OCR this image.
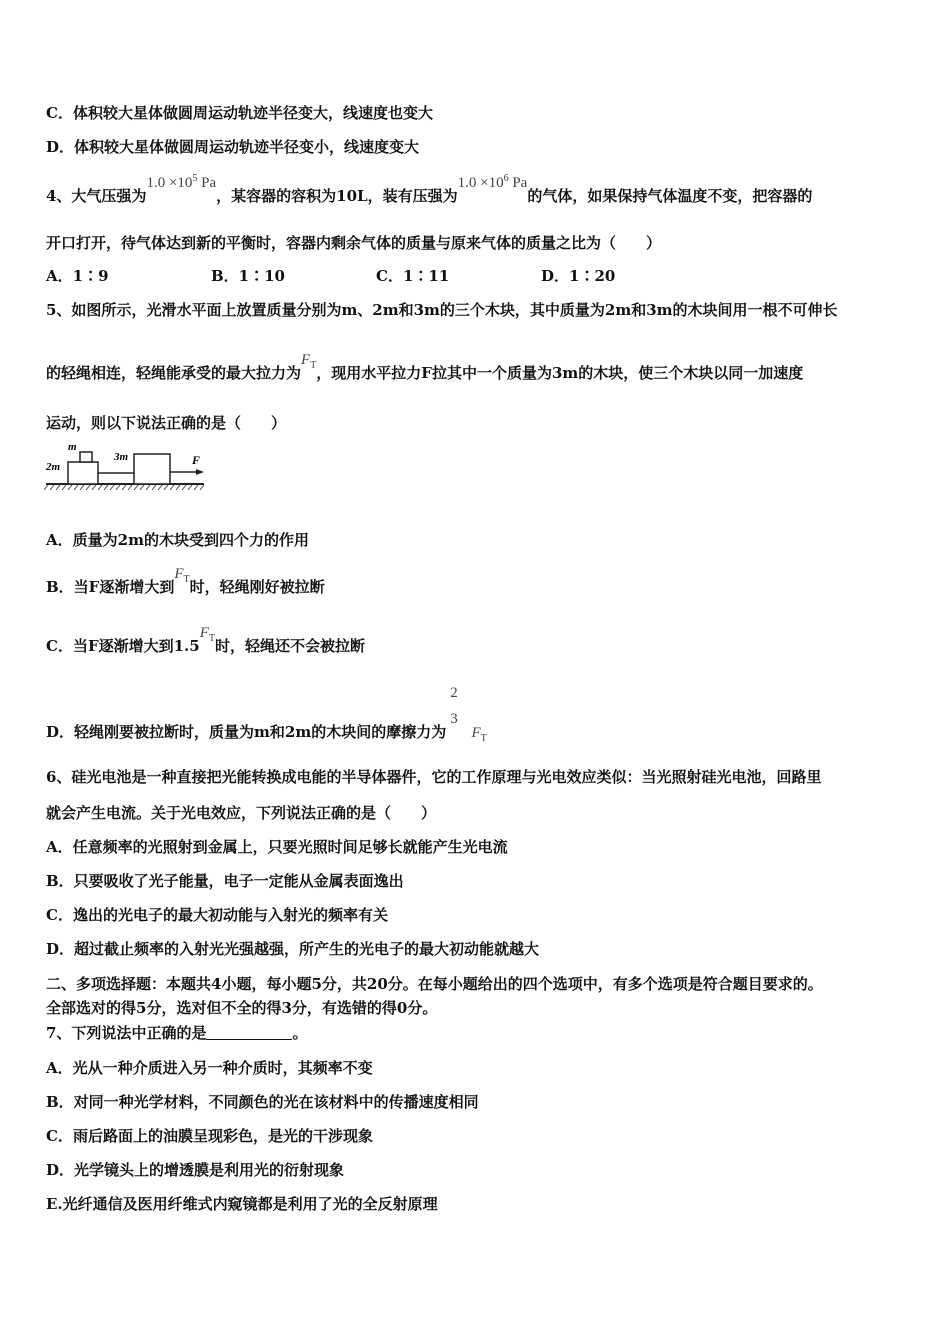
C．体积较大星体做圆周运动轨迹半径变大，线速度也变大
D．体积较大星体做圆周运动轨迹半径变小，线速度变大
4、大气压强为$1.0 \times 10^5$ Pa，某容器的容积为10L，装有压强为$1.0 \times 10^6$ Pa的气体，如果保持气体温度不变，把容器的
开口打开，待气体达到新的平衡时，容器内剩余气体的质量与原来气体的质量之比为（　　）
A．1∶9	B．1∶10	C．1∶11	D．1∶20
5、如图所示，光滑水平面上放置质量分别为m、2m和3m的三个木块，其中质量为2m和3m的木块间用一根不可伸长
的轻绳相连，轻绳能承受的最大拉力为$F_T$，现用水平拉力F拉其中一个质量为3m的木块，使三个木块以同一加速度
运动，则以下说法正确的是（　　）
2m
m
3m	F
A．质量为2m的木块受到四个力的作用
B．当F逐渐增大到$F_T$时，轻绳刚好被拉断
C．当F逐渐增大到$1.5F_T$时，轻绳还不会被拉断
D．轻绳刚要被拉断时，质量为m和2m的木块间的摩擦力为
2
3
$F_T$
6、硅光电池是一种直接把光能转换成电能的半导体器件，它的工作原理与光电效应类似：当光照射硅光电池，回路里
就会产生电流。关于光电效应，下列说法正确的是（　　）
A．任意频率的光照射到金属上，只要光照时间足够长就能产生光电流
B．只要吸收了光子能量，电子一定能从金属表面逸出
C．逸出的光电子的最大初动能与入射光的频率有关
D．超过截止频率的入射光光强越强，所产生的光电子的最大初动能就越大
二、多项选择题：本题共4小题，每小题5分，共20分。在每小题给出的四个选项中，有多个选项是符合题目要求的。
全部选对的得5分，选对但不全的得3分，有选错的得0分。
7、下列说法中正确的是	。
A．光从一种介质进入另一种介质时，其频率不变
B．对同一种光学材料，不同颜色的光在该材料中的传播速度相同
C．雨后路面上的油膜呈现彩色，是光的干涉现象
D．光学镜头上的增透膜是利用光的衍射现象
E.光纤通信及医用纤维式内窥镜都是利用了光的全反射原理
